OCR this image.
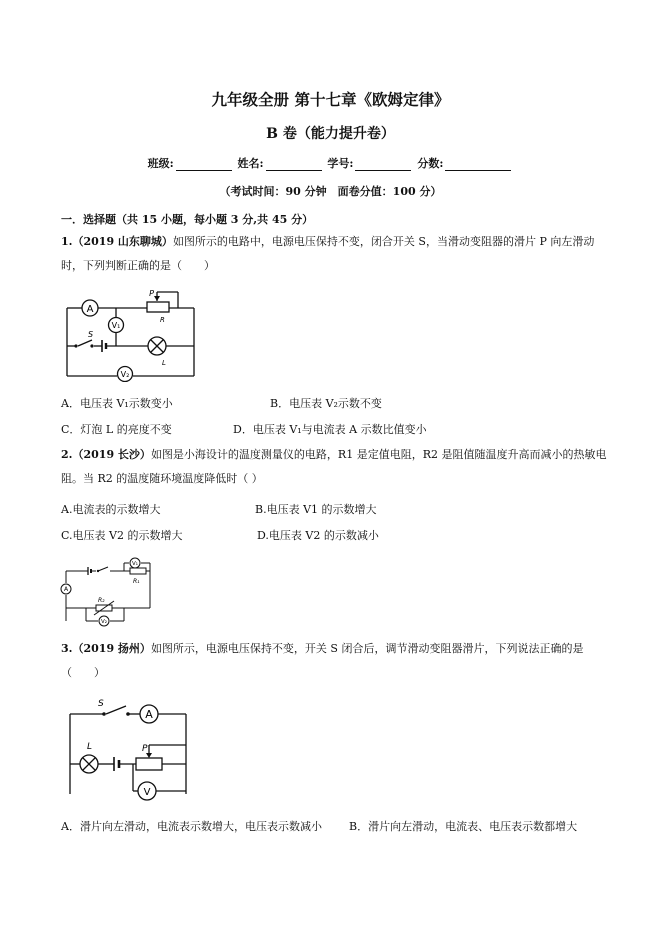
九年级全册 第十七章《欧姆定律》
B 卷（能力提升卷）
班级:	姓名:	学号:	分数:
（考试时间：90 分钟　面卷分值：100 分）
一．选择题（共 15 小题，每小题 3 分,共 45 分）
1.（2019 山东聊城）如图所示的电路中，电源电压保持不变，闭合开关 S，当滑动变阻器的滑片 P 向左滑动时，下列判断正确的是（　　）
A
P
R
V₁
S
L
V₂
A．电压表 V₁示数变小	B．电压表 V₂示数不变
C．灯泡 L 的亮度不变	D．电压表 V₁与电流表 A 示数比值变小
2.（2019 长沙）如图是小海设计的温度测量仪的电路，R1 是定值电阻，R2 是阻值随温度升高而减小的热敏电阻。当 R2 的温度随环境温度降低时（ ）
A.电流表的示数增大	B.电压表 V1 的示数增大
C.电压表 V2 的示数增大	D.电压表 V2 的示数减小
A
V₁
R₁
R₂
V₂
3.（2019 扬州）如图所示，电源电压保持不变，开关 S 闭合后，调节滑动变阻器滑片，下列说法正确的是（　　）
S
A
L	P
V
A．滑片向左滑动，电流表示数增大，电压表示数减小 B．滑片向左滑动，电流表、电压表示数都增大
